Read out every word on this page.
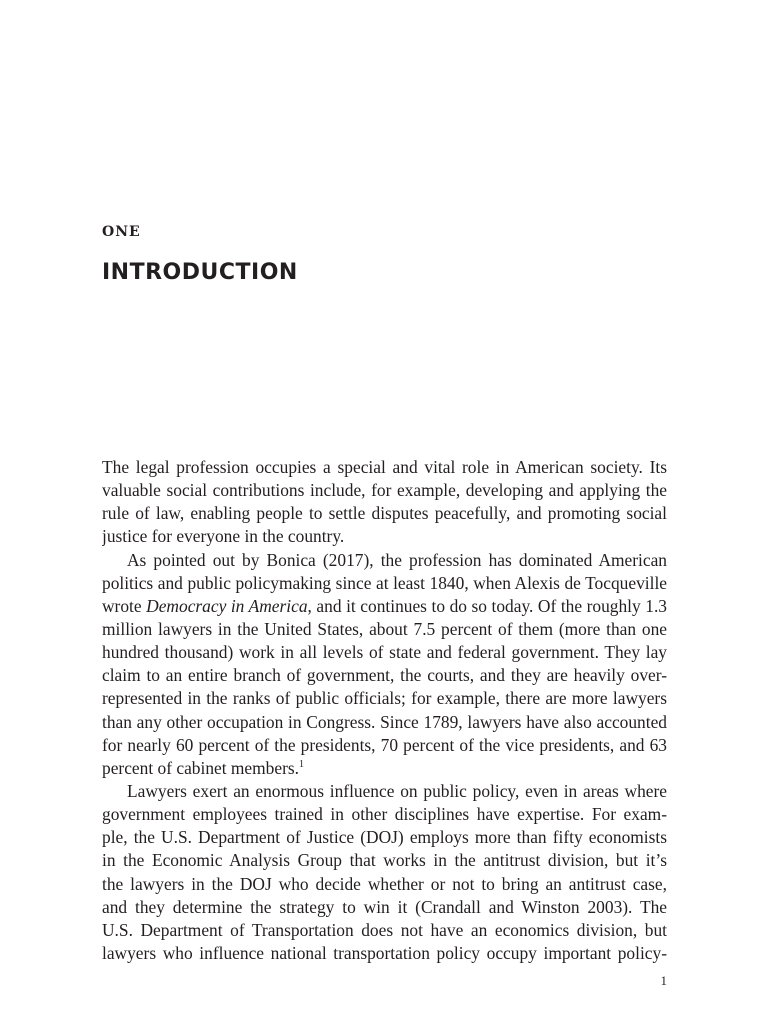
one
INTRODUCTION
The legal profession occupies a special and vital role in American society. Its
valuable social contributions include, for example, developing and applying the
rule of law, enabling people to settle disputes peacefully, and promoting social
justice for everyone in the country.
As pointed out by Bonica (2017), the profession has dominated American
politics and public policymaking since at least 1840, when Alexis de Tocqueville
wrote Democracy in America, and it continues to do so today. Of the roughly 1.3
million lawyers in the United States, about 7.5 percent of them (more than one
hundred thousand) work in all levels of state and federal government. They lay
claim to an entire branch of government, the courts, and they are heavily over-
represented in the ranks of public officials; for example, there are more lawyers
than any other occupation in Congress. Since 1789, lawyers have also accounted
for nearly 60 percent of the presidents, 70 percent of the vice presidents, and 63
percent of cabinet members.$^1$
Lawyers exert an enormous influence on public policy, even in areas where
government employees trained in other disciplines have expertise. For exam-
ple, the U.S. Department of Justice (DOJ) employs more than fifty economists
in the Economic Analysis Group that works in the antitrust division, but it’s
the lawyers in the DOJ who decide whether or not to bring an antitrust case,
and they determine the strategy to win it (Crandall and Winston 2003). The
U.S. Department of Transportation does not have an economics division, but
lawyers who influence national transportation policy occupy important policy-
1
